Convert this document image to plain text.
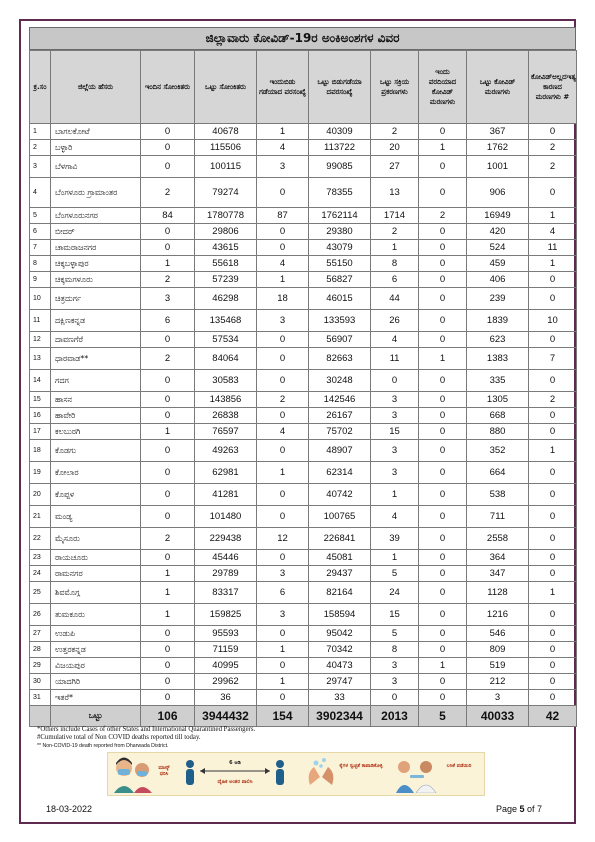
ಜಿಲ್ಲಾವಾರು ಕೋವಿಡ್-19ರ ಅಂಕಿಅಂಶಗಳ ವಿವರ
ಕ್ರ.ಸಂ	ಜಿಲ್ಲೆಯ ಹೆಸರು	ಇಂದಿನ ಸೋಂಕಿತರು	ಒಟ್ಟು ಸೋಂಕಿತರು	ಇಂದುಬಿಡು ಗಡೆಯಾದ ವರಸಂಖ್ಯೆ	ಒಟ್ಟು ಬಿಡುಗಡೆಯಾ ದವರಸಂಖ್ಯೆ	ಒಟ್ಟು ಸಕ್ರಿಯ ಪ್ರಕರಣಗಳು	ಇಂದು ವರದಿಯಾದ ಕೋವಿಡ್ ಮರಣಗಳು	ಒಟ್ಟು ಕೋವಿಡ್ ಮರಣಗಳು	ಕೋವಿಡ್ಅಲ್ಲದಇತ್ಯ ಕಾರಣದ ಮರಣಗಳು #
1	ಬಾಗಲಕೋಟೆ	0	40678	1	40309	2	0	367	0
2	ಬಳ್ಳಾರಿ	0	115506	4	113722	20	1	1762	2
3	ಬೆಳಗಾವಿ	0	100115	3	99085	27	0	1001	2
4	ಬೆಂಗಳೂರು ಗ್ರಾಮಾಂತರ	2	79274	0	78355	13	0	906	0
5	ಬೆಂಗಳೂರುನಗರ	84	1780778	87	1762114	1714	2	16949	1
6	ಬೀದರ್	0	29806	0	29380	2	0	420	4
7	ಚಾಮರಾಜನಗರ	0	43615	0	43079	1	0	524	11
8	ಚಿಕ್ಕಬಳ್ಳಾಪುರ	1	55618	4	55150	8	0	459	1
9	ಚಿಕ್ಕಮಗಳೂರು	2	57239	1	56827	6	0	406	0
10	ಚಿತ್ರದುರ್ಗ	3	46298	18	46015	44	0	239	0
11	ದಕ್ಷಿಣಕನ್ನಡ	6	135468	3	133593	26	0	1839	10
12	ದಾವಣಗೆರೆ	0	57534	0	56907	4	0	623	0
13	ಧಾರವಾಡ**	2	84064	0	82663	11	1	1383	7
14	ಗದಗ	0	30583	0	30248	0	0	335	0
15	ಹಾಸನ	0	143856	2	142546	3	0	1305	2
16	ಹಾವೇರಿ	0	26838	0	26167	3	0	668	0
17	ಕಲಬುರಗಿ	1	76597	4	75702	15	0	880	0
18	ಕೊಡಗು	0	49263	0	48907	3	0	352	1
19	ಕೋಲಾರ	0	62981	1	62314	3	0	664	0
20	ಕೊಪ್ಪಳ	0	41281	0	40742	1	0	538	0
21	ಮಂಡ್ಯ	0	101480	0	100765	4	0	711	0
22	ಮೈಸೂರು	2	229438	12	226841	39	0	2558	0
23	ರಾಯಚೂರು	0	45446	0	45081	1	0	364	0
24	ರಾಮನಗರ	1	29789	3	29437	5	0	347	0
25	ಶಿವಮೊಗ್ಗ	1	83317	6	82164	24	0	1128	1
26	ತುಮಕೂರು	1	159825	3	158594	15	0	1216	0
27	ಉಡುಪಿ	0	95593	0	95042	5	0	546	0
28	ಉತ್ತರಕನ್ನಡ	0	71159	1	70342	8	0	809	0
29	ವಿಜಯಪುರ	0	40995	0	40473	3	1	519	0
30	ಯಾದಗಿರಿ	0	29962	1	29747	3	0	212	0
31	ಇತರೆ*	0	36	0	33	0	0	3	0
	ಒಟ್ಟು	106	3944432	154	3902344	2013	5	40033	42
*Others include Cases of other States and International Quarantined Passengers.
#Cumulative total of Non COVID deaths reported till today.
** Non-COVID-19 death reported from Dharwada District.
ಮಾಸ್ಕ್ ಧರಿಸಿ
6 ಅಡಿ
ದೈಹಿಕ ಅಂತರ ಪಾಲಿಸಿ
ಕೈಗಳ ಸ್ವಚ್ಛತೆ ಕಾಪಾಡಿಕೊಳ್ಳಿ	ಲಸಿಕೆ ಪಡೆಯಿರಿ
18-03-2022	Page 5 of 7
